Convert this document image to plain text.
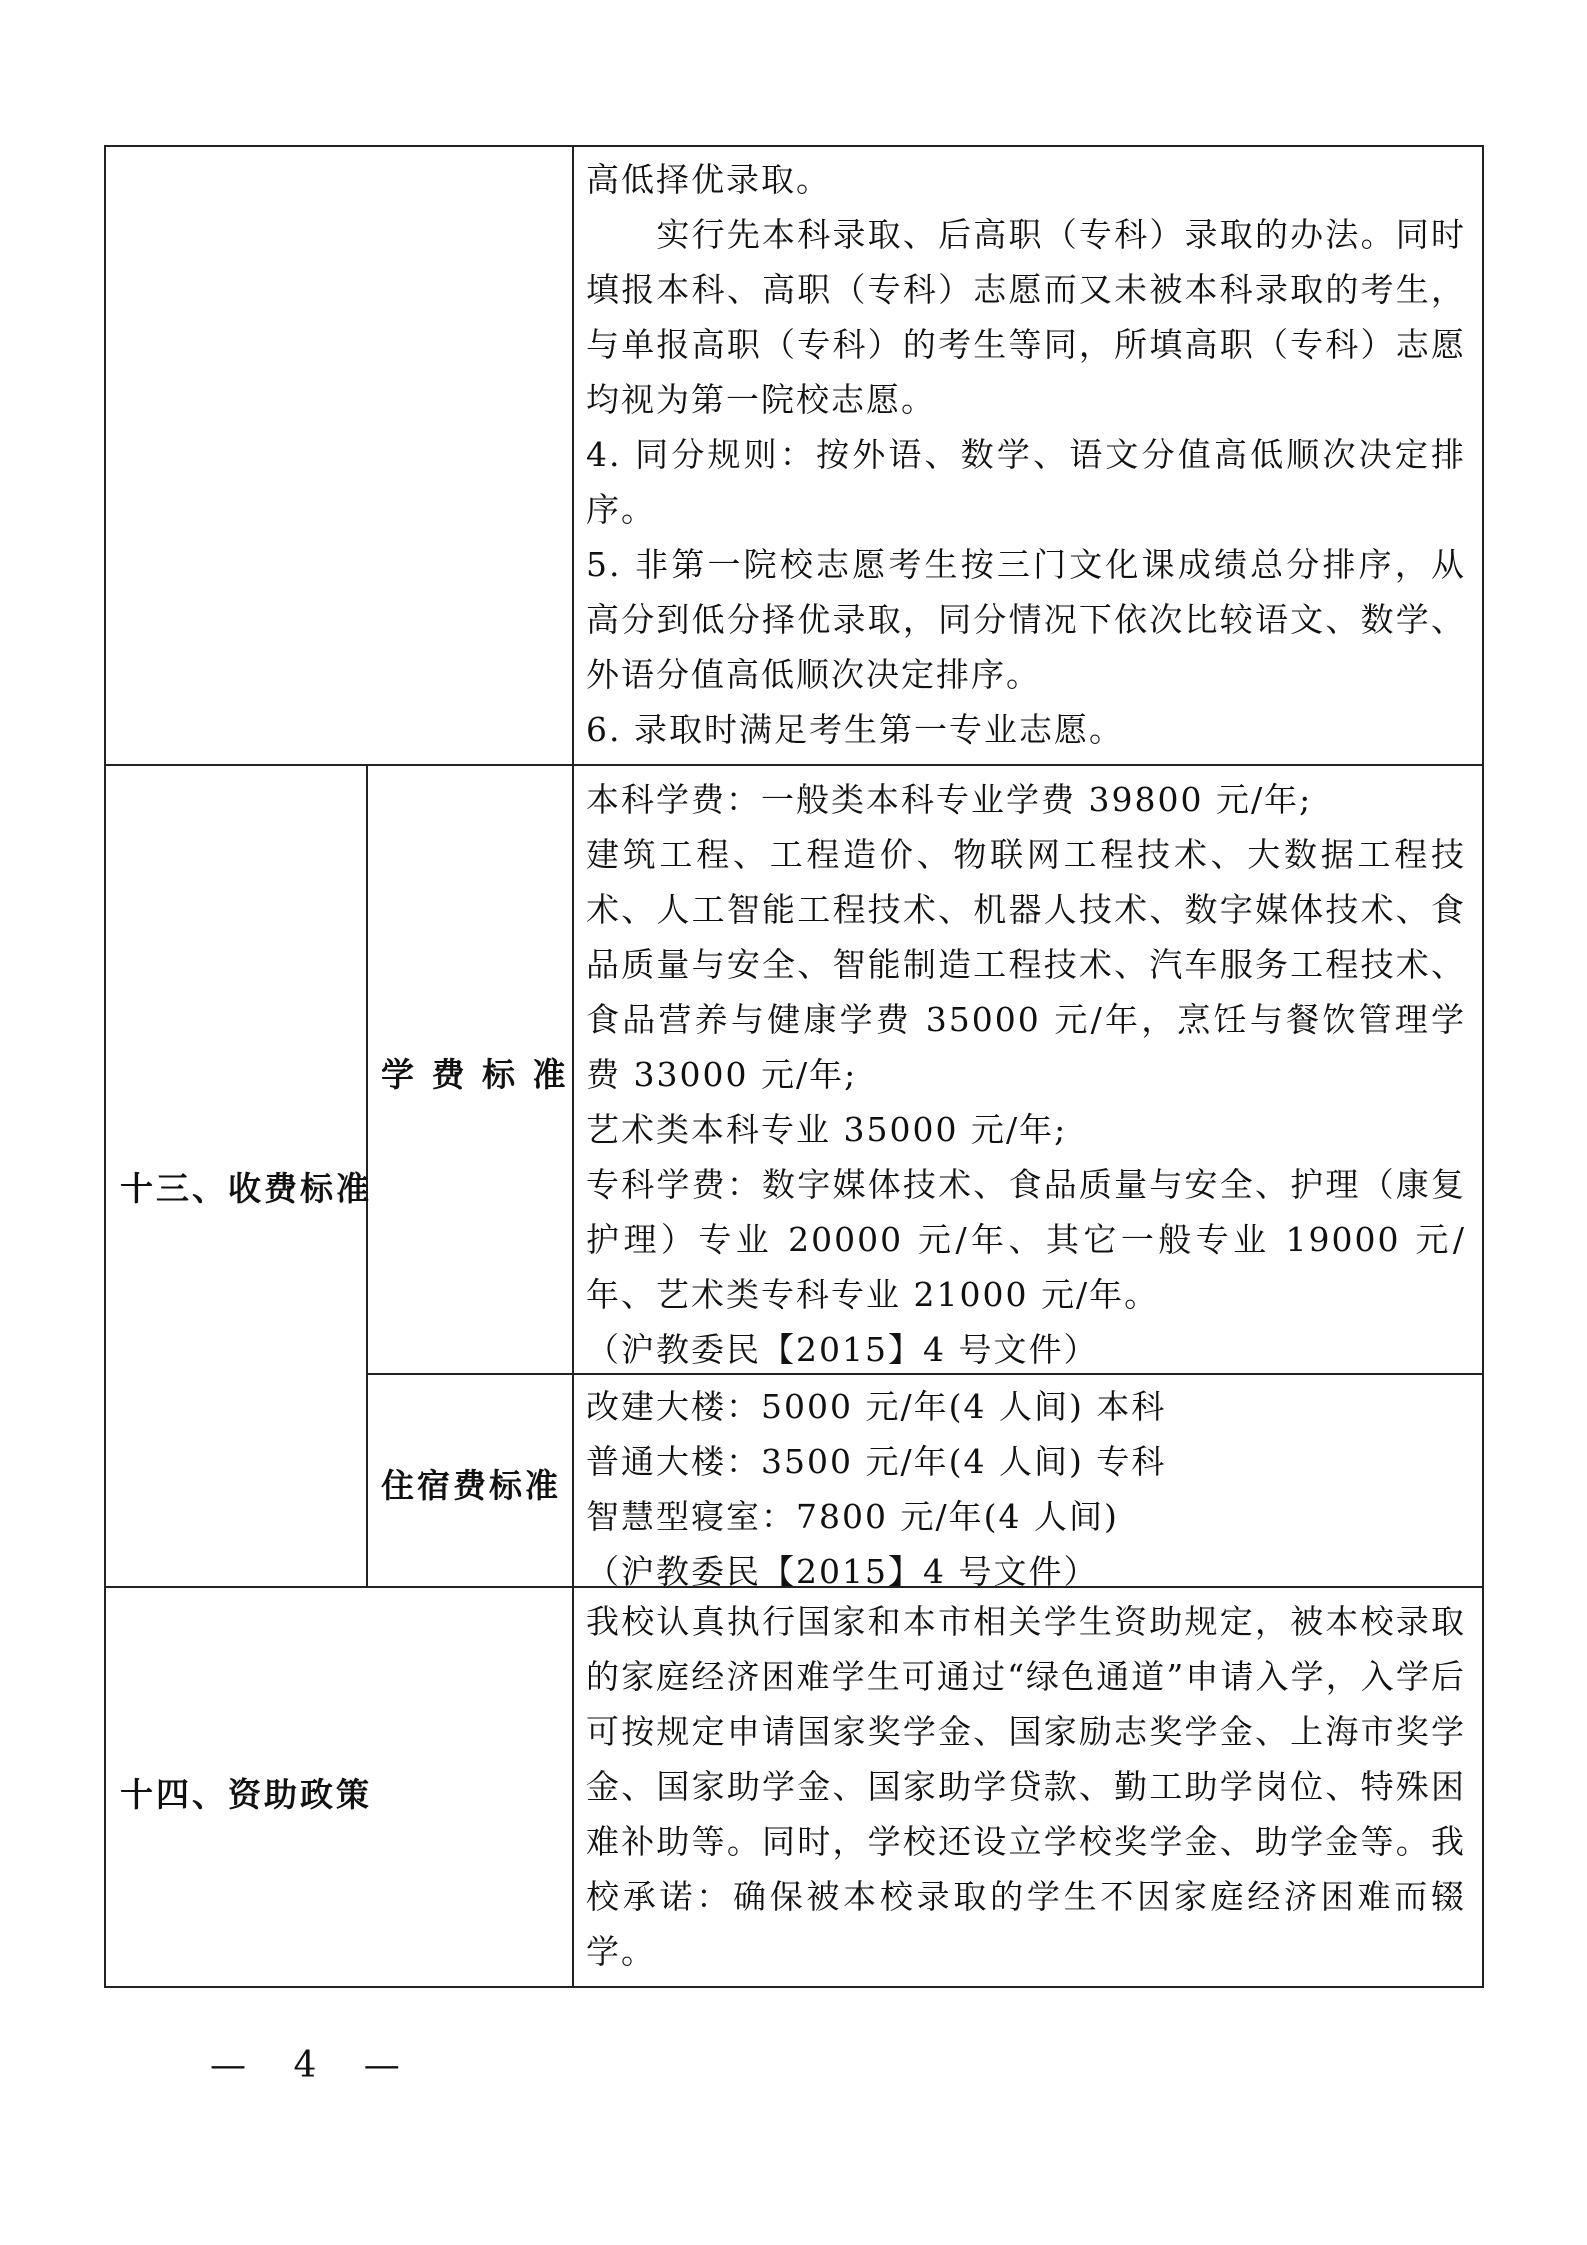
高低择优录取。

　　实行先本科录取、后高职（专科）录取的办法。同时填报本科、高职（专科）志愿而又未被本科录取的考生，与单报高职（专科）的考生等同，所填高职（专科）志愿均视为第一院校志愿。

4. 同分规则：按外语、数学、语文分值高低顺次决定排序。

5. 非第一院校志愿考生按三门文化课成绩总分排序，从高分到低分择优录取，同分情况下依次比较语文、数学、外语分值高低顺次决定排序。

6. 录取时满足考生第一专业志愿。

十三、收费标准
学 费 标 准

本科学费：一般类本科专业学费 39800 元/年;

建筑工程、工程造价、物联网工程技术、大数据工程技术、人工智能工程技术、机器人技术、数字媒体技术、食品质量与安全、智能制造工程技术、汽车服务工程技术、食品营养与健康学费 35000 元/年，烹饪与餐饮管理学费 33000 元/年;

艺术类本科专业 35000 元/年;

专科学费：数字媒体技术、食品质量与安全、护理（康复护理）专业 20000 元/年、其它一般专业 19000 元/年、艺术类专科专业 21000 元/年。

（沪教委民【2015】4 号文件）

住宿费标准

改建大楼：5000 元/年(4 人间) 本科

普通大楼：3500 元/年(4 人间) 专科

智慧型寝室：7800 元/年(4 人间)

（沪教委民【2015】4 号文件）

十四、资助政策

我校认真执行国家和本市相关学生资助规定，被本校录取的家庭经济困难学生可通过“绿色通道”申请入学，入学后可按规定申请国家奖学金、国家励志奖学金、上海市奖学金、国家助学金、国家助学贷款、勤工助学岗位、特殊困难补助等。同时，学校还设立学校奖学金、助学金等。我校承诺：确保被本校录取的学生不因家庭经济困难而辍学。

— 4 —
